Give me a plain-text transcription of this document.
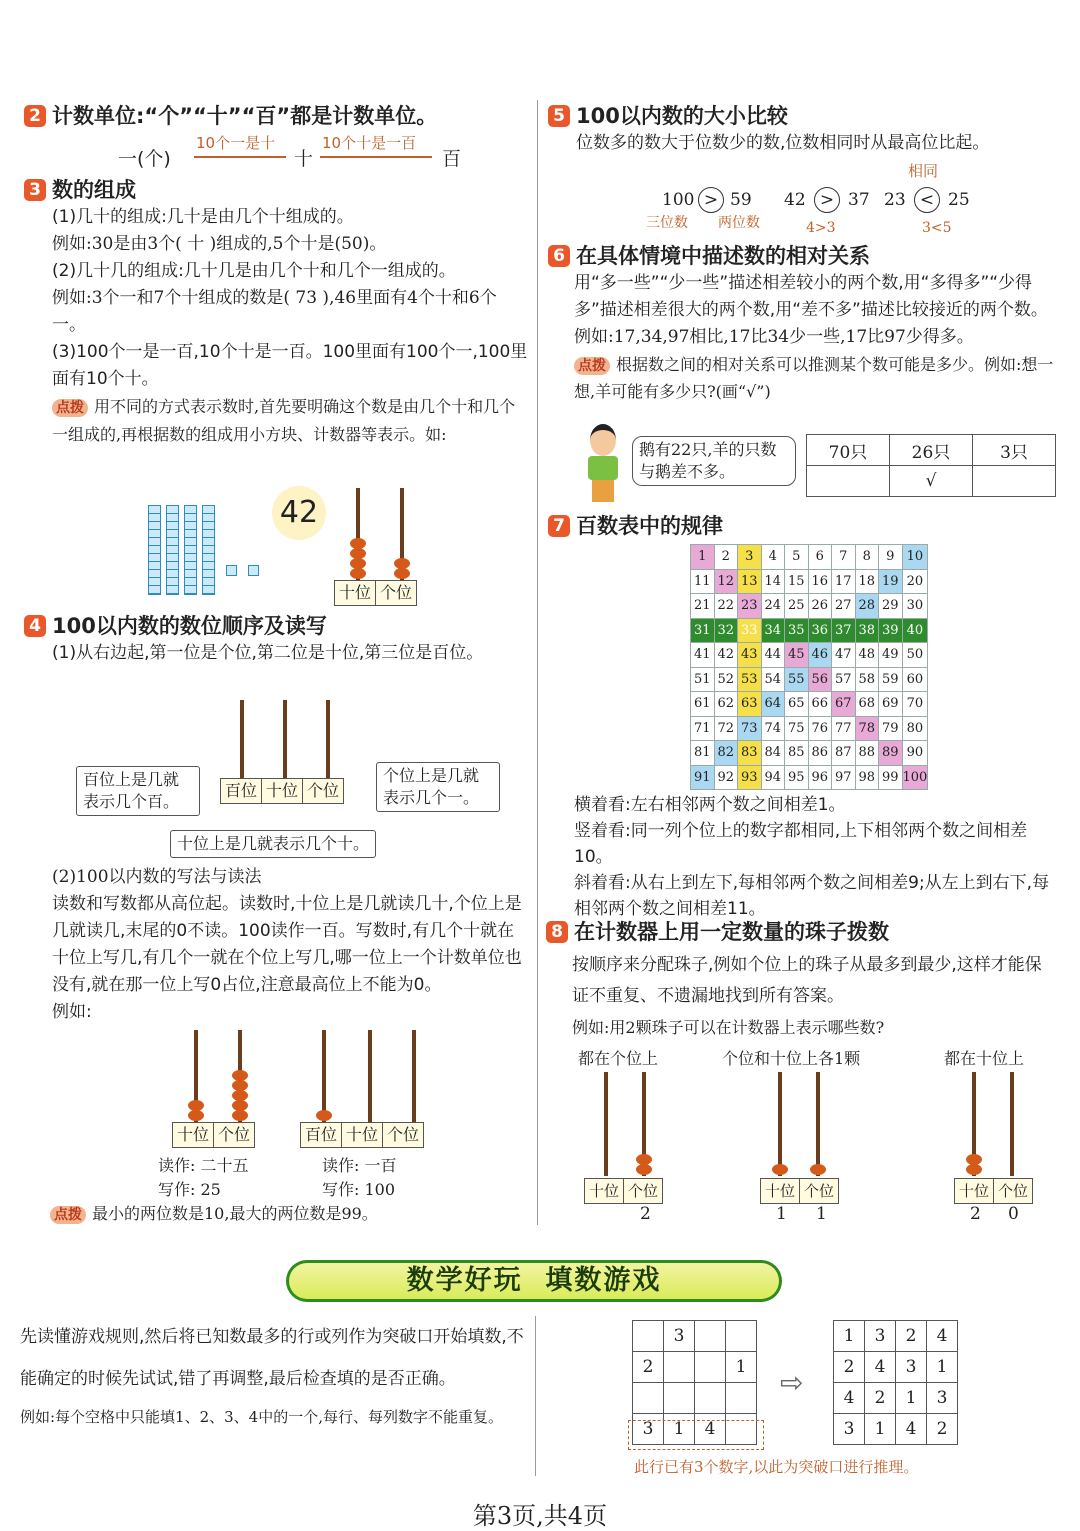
2 计数单位:“个”“十”“百”都是计数单位。

一(个)
10个一是十
十
10个十是一百
百

3 数的组成

(1)几十的组成:几十是由几个十组成的。

例如:30是由3个( 十 )组成的,5个十是(50)。

(2)几十几的组成:几十几是由几个十和几个一组成的。

例如:3个一和7个十组成的数是( 73 ),46里面有4个十和6个一。

(3)100个一是一百,10个十是一百。100里面有100个一,100里面有10个十。

点拨 用不同的方式表示数时,首先要明确这个数是由几个十和几个一组成的,再根据数的组成用小方块、计数器等表示。如:

42
十位 个位

4 100以内数的数位顺序及读写

(1)从右边起,第一位是个位,第二位是十位,第三位是百位。

百位 十位 个位
百位上是几就表示几个百。
个位上是几就表示几个一。
十位上是几就表示几个十。

(2)100以内数的写法与读法

读数和写数都从高位起。读数时,十位上是几就读几十,个位上是几就读几,末尾的0不读。100读作一百。写数时,有几个十就在十位上写几,有几个一就在个位上写几,哪一位上一个计数单位也没有,就在那一位上写0占位,注意最高位上不能为0。

例如:

十位 个位
读作: 二十五
写作: 25
百位 十位 个位
读作: 一百
写作: 100

点拨 最小的两位数是10,最大的两位数是99。

5 100以内数的大小比较

位数多的数大于位数少的数,位数相同时从最高位比起。

相同
100 > 59
三位数 两位数
42 > 37
4>3
23 < 25
3<5

6 在具体情境中描述数的相对关系

用“多一些”“少一些”描述相差较小的两个数,用“多得多”“少得多”描述相差很大的两个数,用“差不多”描述比较接近的两个数。

例如:17,34,97相比,17比34少一些,17比97少得多。

点拨 根据数之间的相对关系可以推测某个数可能是多少。例如:想一想,羊可能有多少只?(画“√”)

鹅有22只,羊的只数与鹅差不多。
70只	26只	3只
	√	

7 百数表中的规律

1	2	3	4	5	6	7	8	9	10
11	12	13	14	15	16	17	18	19	20
21	22	23	24	25	26	27	28	29	30
31	32	33	34	35	36	37	38	39	40
41	42	43	44	45	46	47	48	49	50
51	52	53	54	55	56	57	58	59	60
61	62	63	64	65	66	67	68	69	70
71	72	73	74	75	76	77	78	79	80
81	82	83	84	85	86	87	88	89	90
91	92	93	94	95	96	97	98	99	100

横着看:左右相邻两个数之间相差1。

竖着看:同一列个位上的数字都相同,上下相邻两个数之间相差10。

斜着看:从右上到左下,每相邻两个数之间相差9;从左上到右下,每相邻两个数之间相差11。

8 在计数器上用一定数量的珠子拨数

按顺序来分配珠子,例如个位上的珠子从最多到最少,这样才能保证不重复、不遗漏地找到所有答案。

例如:用2颗珠子可以在计数器上表示哪些数?

都在个位上
十位 个位
2
个位和十位上各1颗
十位 个位
1 1
都在十位上
十位 个位
2 0
数学好玩  填数游戏

先读懂游戏规则,然后将已知数最多的行或列作为突破口开始填数,不能确定的时候先试试,错了再调整,最后检查填的是否正确。

例如:每个空格中只能填1、2、3、4中的一个,每行、每列数字不能重复。

	3		
2			1

3	1	4	
⇨
1	3	2	4
2	4	3	1
4	2	1	3
3	1	4	2
此行已有3个数字,以此为突破口进行推理。
第3页,共4页
